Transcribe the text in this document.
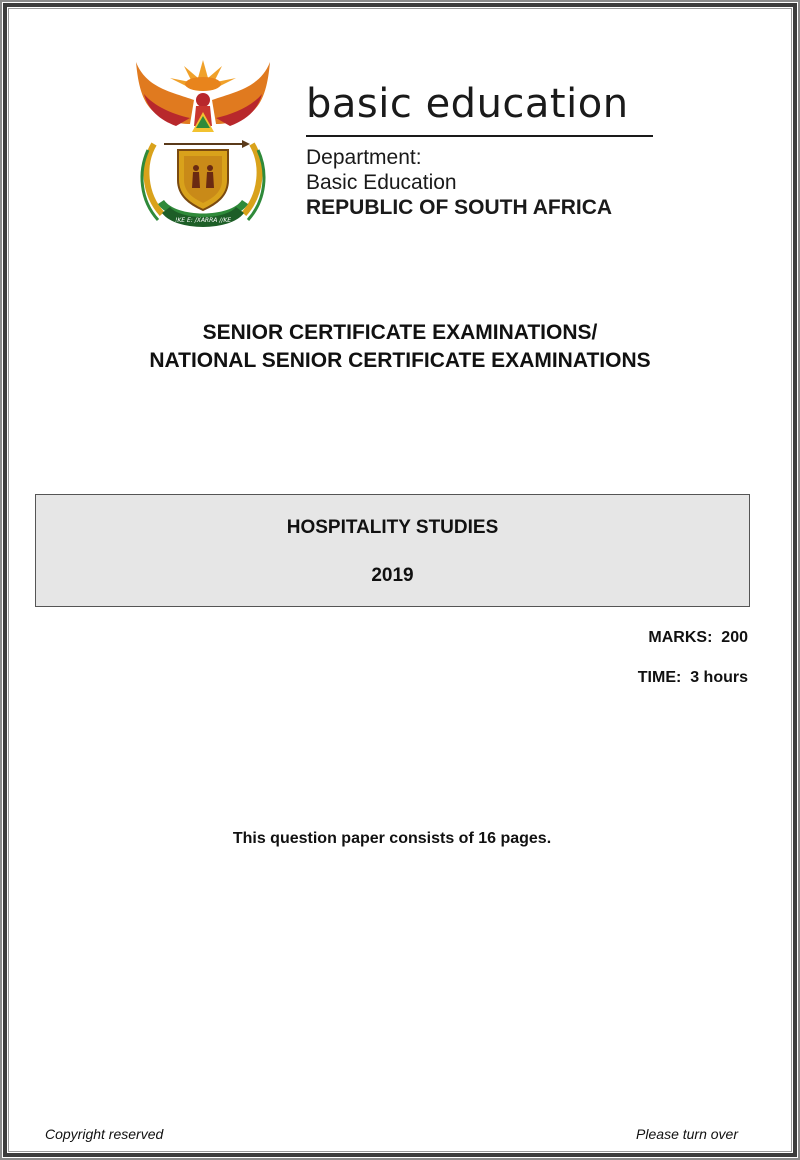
!KE E: /XARRA //KE
basic education
Department:
Basic Education
REPUBLIC OF SOUTH AFRICA
SENIOR CERTIFICATE EXAMINATIONS/
NATIONAL SENIOR CERTIFICATE EXAMINATIONS
HOSPITALITY STUDIES
2019
MARKS:  200
TIME:  3 hours
This question paper consists of 16 pages.
Copyright reserved	Please turn over
